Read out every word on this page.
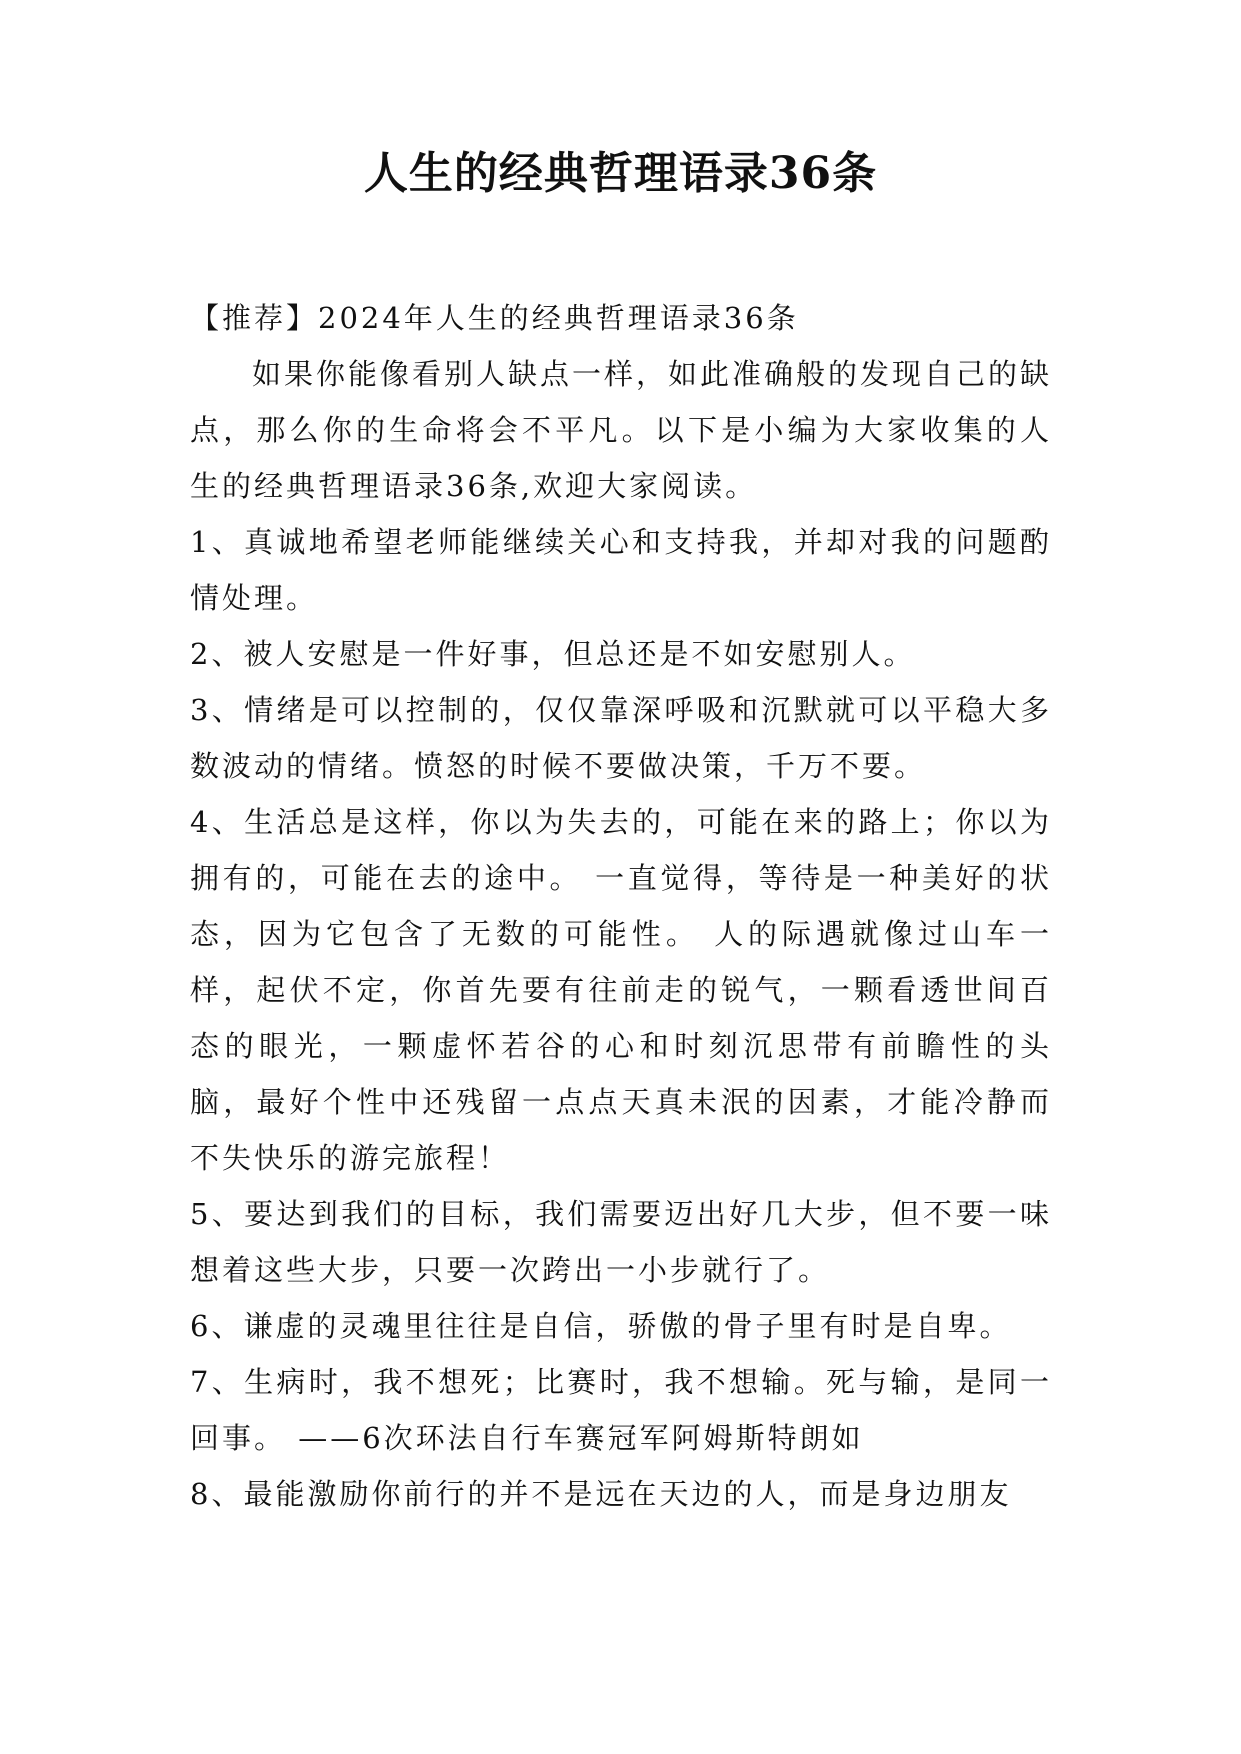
人生的经典哲理语录36条

【推荐】2024年人生的经典哲理语录36条

如果你能像看别人缺点一样，如此准确般的发现自己的缺点，那么你的生命将会不平凡。以下是小编为大家收集的人生的经典哲理语录36条,欢迎大家阅读。

1、真诚地希望老师能继续关心和支持我，并却对我的问题酌情处理。

2、被人安慰是一件好事，但总还是不如安慰别人。

3、情绪是可以控制的，仅仅靠深呼吸和沉默就可以平稳大多数波动的情绪。愤怒的时候不要做决策，千万不要。

4、生活总是这样，你以为失去的，可能在来的路上；你以为拥有的，可能在去的途中。 一直觉得，等待是一种美好的状态，因为它包含了无数的可能性。 人的际遇就像过山车一样，起伏不定，你首先要有往前走的锐气，一颗看透世间百态的眼光，一颗虚怀若谷的心和时刻沉思带有前瞻性的头脑，最好个性中还残留一点点天真未泯的因素，才能冷静而不失快乐的游完旅程！

5、要达到我们的目标，我们需要迈出好几大步，但不要一味想着这些大步，只要一次跨出一小步就行了。

6、谦虚的灵魂里往往是自信，骄傲的骨子里有时是自卑。

7、生病时，我不想死；比赛时，我不想输。死与输，是同一回事。 ——6次环法自行车赛冠军阿姆斯特朗如

8、最能激励你前行的并不是远在天边的人，而是身边朋友
